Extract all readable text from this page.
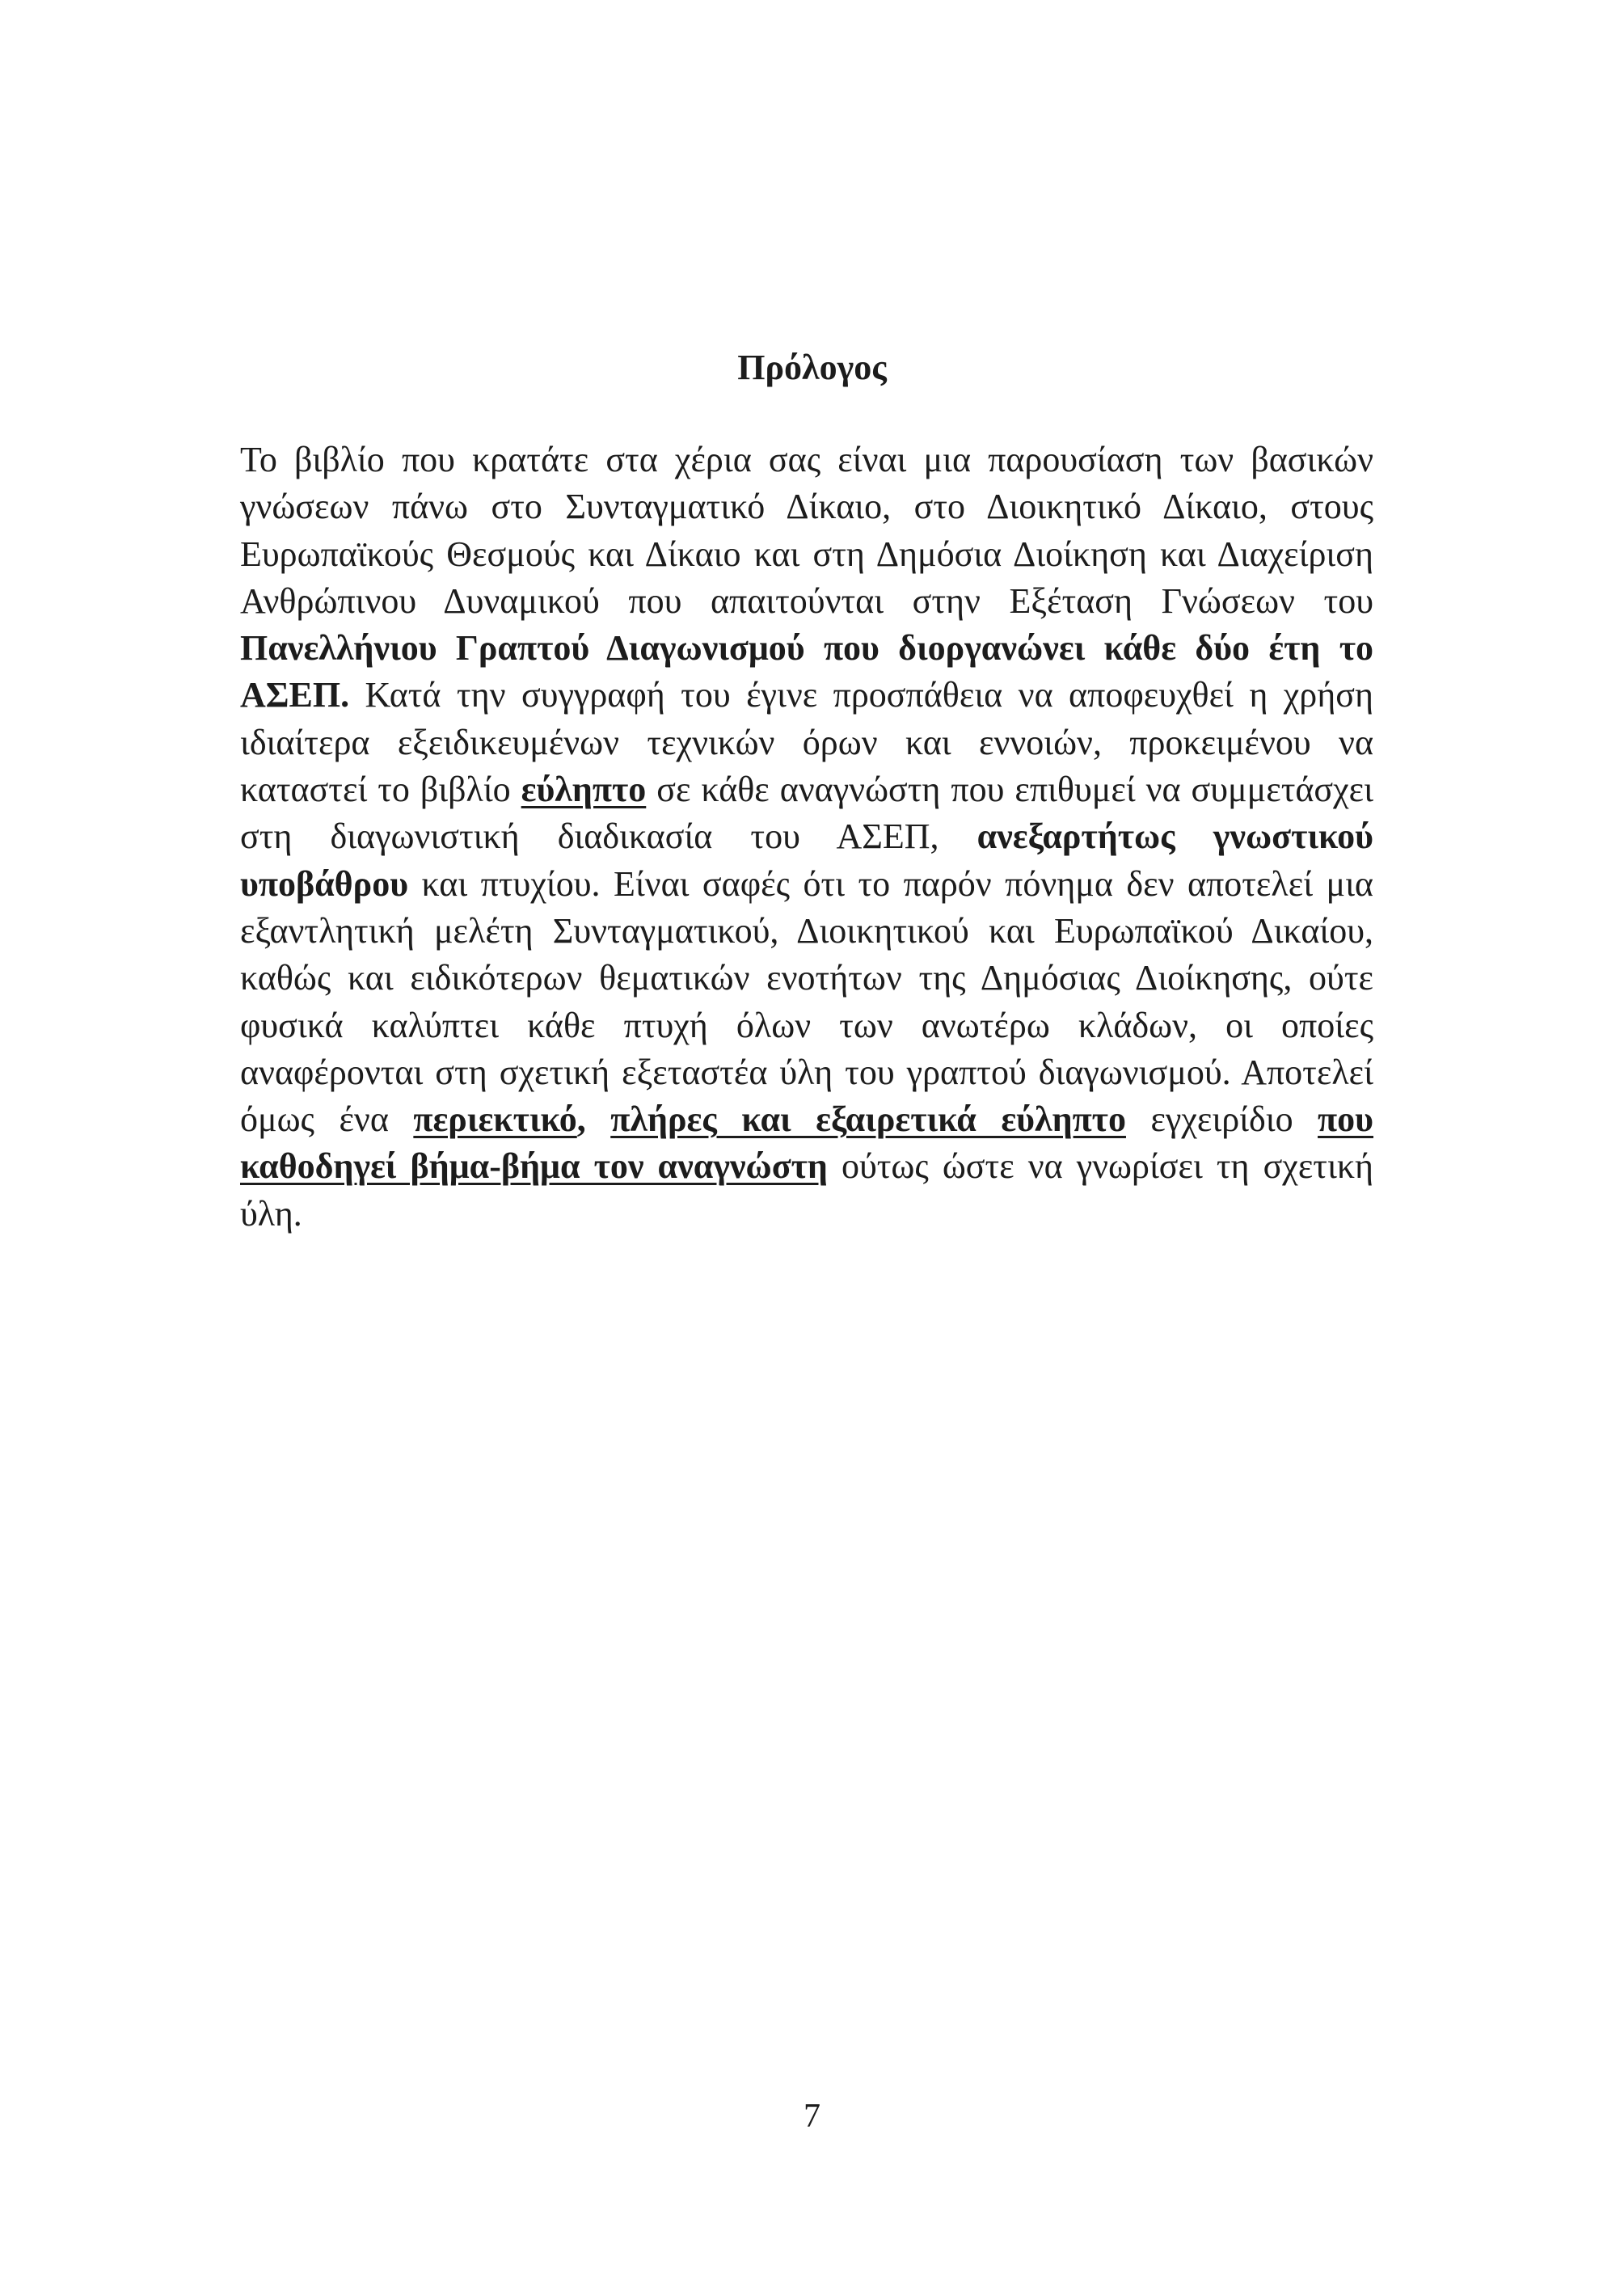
Πρόλογος

Το βιβλίο που κρατάτε στα χέρια σας είναι μια παρουσίαση των βασικών γνώσεων πάνω στο Συνταγματικό Δίκαιο, στο Διοικητικό Δίκαιο, στους Ευρωπαϊκούς Θεσμούς και Δίκαιο και στη Δημόσια Διοίκηση και Διαχείριση Ανθρώπινου Δυναμικού που απαιτούνται στην Εξέταση Γνώσεων του Πανελλήνιου Γραπτού Διαγωνισμού που διοργανώνει κάθε δύο έτη το ΑΣΕΠ. Κατά την συγγραφή του έγινε προσπάθεια να αποφευχθεί η χρήση ιδιαίτερα εξειδικευμένων τεχνικών όρων και εννοιών, προκειμένου να καταστεί το βιβλίο εύληπτο σε κάθε αναγνώστη που επιθυμεί να συμμετάσχει στη διαγωνιστική διαδικασία του ΑΣΕΠ, ανεξαρτήτως γνωστικού υποβάθρου και πτυχίου. Είναι σαφές ότι το παρόν πόνημα δεν αποτελεί μια εξαντλητική μελέτη Συνταγματικού, Διοικητικού και Ευρωπαϊκού Δικαίου, καθώς και ειδικότερων θεματικών ενοτήτων της Δημόσιας Διοίκησης, ούτε φυσικά καλύπτει κάθε πτυχή όλων των ανωτέρω κλάδων, οι οποίες αναφέρονται στη σχετική εξεταστέα ύλη του γραπτού διαγωνισμού. Αποτελεί όμως ένα περιεκτικό, πλήρες και εξαιρετικά εύληπτο εγχειρίδιο που καθοδηγεί βήμα-βήμα τον αναγνώστη ούτως ώστε να γνωρίσει τη σχετική ύλη.

7
